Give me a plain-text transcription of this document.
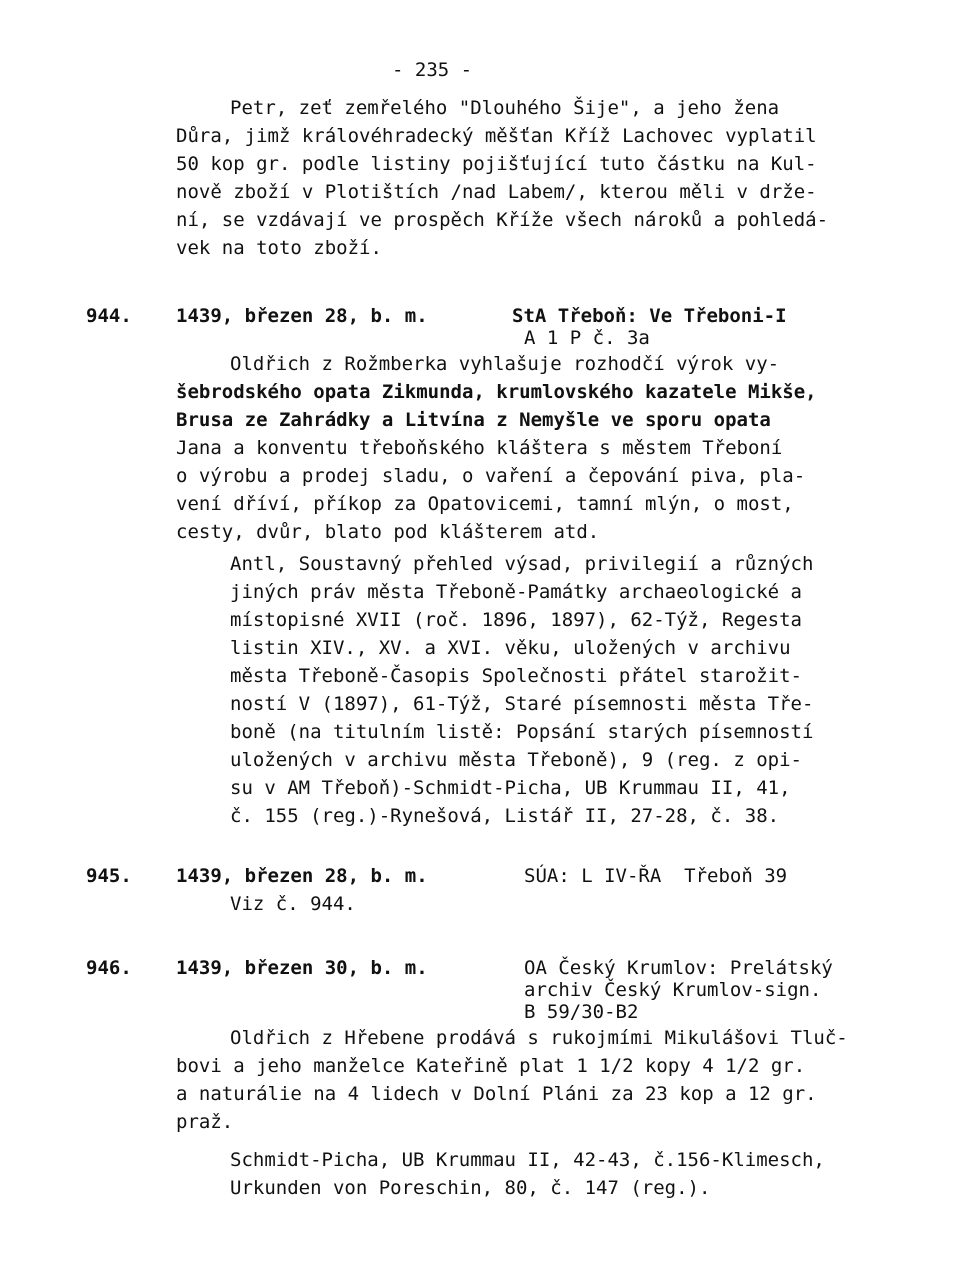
- 235 -
Petr, zeť zemřelého "Dlouhého Šije", a jeho žena
Důra, jimž královéhradecký měšťan Kříž Lachovec vyplatil
50 kop gr. podle listiny pojišťující tuto částku na Kul-
nově zboží v Plotištích /nad Labem/, kterou měli v drže-
ní, se vzdávají ve prospěch Kříže všech nároků a pohledá-
vek na toto zboží.
944. 1439, březen 28, b. m.	StA Třeboň: Ve Třeboni-I
A 1 P č. 3a
Oldřich z Rožmberka vyhlašuje rozhodčí výrok vy-
šebrodského opata Zikmunda, krumlovského kazatele Mikše,
Brusa ze Zahrádky a Litvína z Nemyšle ve sporu opata
Jana a konventu třeboňského kláštera s městem Třeboní
o výrobu a prodej sladu, o vaření a čepování piva, pla-
vení dříví, příkop za Opatovicemi, tamní mlýn, o most,
cesty, dvůr, blato pod klášterem atd.
Antl, Soustavný přehled výsad, privilegií a různých
jiných práv města Třeboně-Památky archaeologické a
místopisné XVII (roč. 1896, 1897), 62-Týž, Regesta
listin XIV., XV. a XVI. věku, uložených v archivu
města Třeboně-Časopis Společnosti přátel starožit-
ností V (1897), 61-Týž, Staré písemnosti města Tře-
boně (na titulním listě: Popsání starých písemností
uložených v archivu města Třeboně), 9 (reg. z opi-
su v AM Třeboň)-Schmidt-Picha, UB Krummau II, 41,
č. 155 (reg.)-Rynešová, Listář II, 27-28, č. 38.
945. 1439, březen 28, b. m.	SÚA: L IV-ŘA  Třeboň 39
Viz č. 944.
946. 1439, březen 30, b. m.	OA Český Krumlov: Prelátský
archiv Český Krumlov-sign.
B 59/30-B2
Oldřich z Hřebene prodává s rukojmími Mikulášovi Tluč-
bovi a jeho manželce Kateřině plat 1 1/2 kopy 4 1/2 gr.
a naturálie na 4 lidech v Dolní Pláni za 23 kop a 12 gr.
praž.
Schmidt-Picha, UB Krummau II, 42-43, č.156-Klimesch,
Urkunden von Poreschin, 80, č. 147 (reg.).
